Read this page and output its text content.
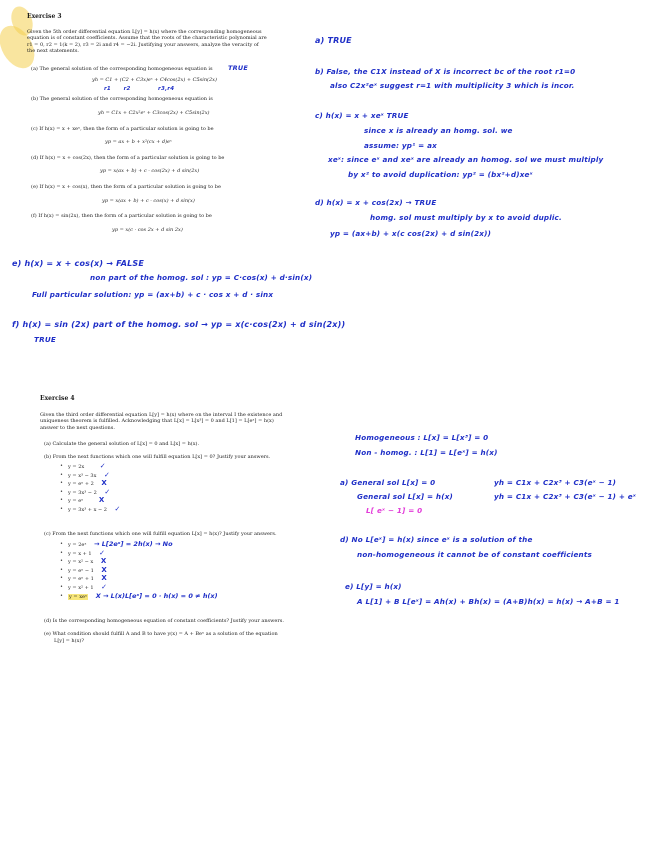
Exercise 3
Given the 5th order differential equation L[y] = h(x) where the corresponding homogeneous
equation is of constant coefficients. Assume that the roots of the characteristic polynomial are
r1 = 0, r2 = 1(k = 2), r3 = 2i and r4 = −2i. Justifying your answers, analyze the veracity of
the next statements.
(a) The general solution of the corresponding homogeneous equation is TRUE
yh = C1 + (C2 + C3x)eˣ + C4cos(2x) + C5sin(2x)
r1      r2             r3,r4
(b) The general solution of the corresponding homogeneous equation is
yh = C1x + C2x²eˣ + C3cos(2x) + C5sin(2x)
(c) If h(x) = x + xeˣ, then the form of a particular solution is going to be
yp = ax + b + x²(cx + d)eˣ
(d) If h(x) = x + cos(2x), then the form of a particular solution is going to be
yp = x(ax + b) + c · cos(2x) + d sin(2x)
(e) If h(x) = x + cos(x), then the form of a particular solution is going to be
yp = x(ax + b) + c · cos(x) + d sin(x)
(f) If h(x) = sin(2x), then the form of a particular solution is going to be
yp = x(c · cos 2x + d sin 2x)
a) TRUE
b) False, the C1X instead of X is incorrect bc of the root r1=0
also C2x²eˣ suggest r=1 with multiplicity 3 which is incor.
c) h(x) = x + xeˣ TRUE
since x is already an homg. sol. we
assume: yp¹ = ax
xeˣ: since eˣ and xeˣ are already an homog. sol we must multiply
by x² to avoid duplication: yp² = (bx²+d)xeˣ
d) h(x) = x + cos(2x) → TRUE
homg. sol must multiply by x to avoid duplic.
yp = (ax+b) + x(c cos(2x) + d sin(2x))
e) h(x) = x + cos(x) → FALSE
non part of the homog. sol : yp = C·cos(x) + d·sin(x)
Full particular solution: yp = (ax+b) + c · cos x + d · sinx
f) h(x) = sin (2x) part of the homog. sol → yp = x(c·cos(2x) + d sin(2x))
TRUE
Exercise 4
Given the third order differential equation L[y] = h(x) where on the interval I the existence and
uniqueness theorem is fulfilled. Acknowledging that L[x] = L[x³] = 0 and L[1] = L[eˣ] = h(x)
answer to the next questions.
(a) Calculate the general solution of L[x] = 0 and L[x] = h(x).
(b) From the next functions which one will fulfill equation L[x] = 0? Justify your answers.
• y = 2x ✓
• y = x³ − 3x ✓
• y = eˣ + 2 X
• y = 3x³ − 2 ✓
• y = eˣ X
• y = 3x³ + x − 2 ✓
(c) From the next functions which one will fulfill equation L[x] = h(x)? Justify your answers.
• y = 2eˣ → L[2eˣ] = 2h(x) → No
• y = x + 1 ✓
• y = x² − x X
• y = eˣ − 1 X
• y = eˣ + 1 X
• y = x² + 1 ✓
• y = xeˣ X → L(x)L[eˣ] = 0 · h(x) = 0 ≠ h(x)
(d) Is the corresponding homogeneous equation of constant coefficients? Justify your answers.
(e) What condition should fulfill A and B to have y(x) = A + Beˣ as a solution of the equation
L[y] = h(x)?
Homogeneous : L[x] = L[x³] = 0
Non - homog. : L[1] = L[eˣ] = h(x)
a) General sol L[x] = 0	yh = C1x + C2x³ + C3(eˣ − 1)
General sol L[x] = h(x)	yh = C1x + C2x³ + C3(eˣ − 1) + eˣ
L[ eˣ − 1] = 0
d) No L[eˣ] = h(x) since eˣ is a solution of the
non-homogeneous it cannot be of constant coefficients
e) L[y] = h(x)
A L[1] + B L[eˣ] = Ah(x) + Bh(x) = (A+B)h(x) = h(x) → A+B = 1
